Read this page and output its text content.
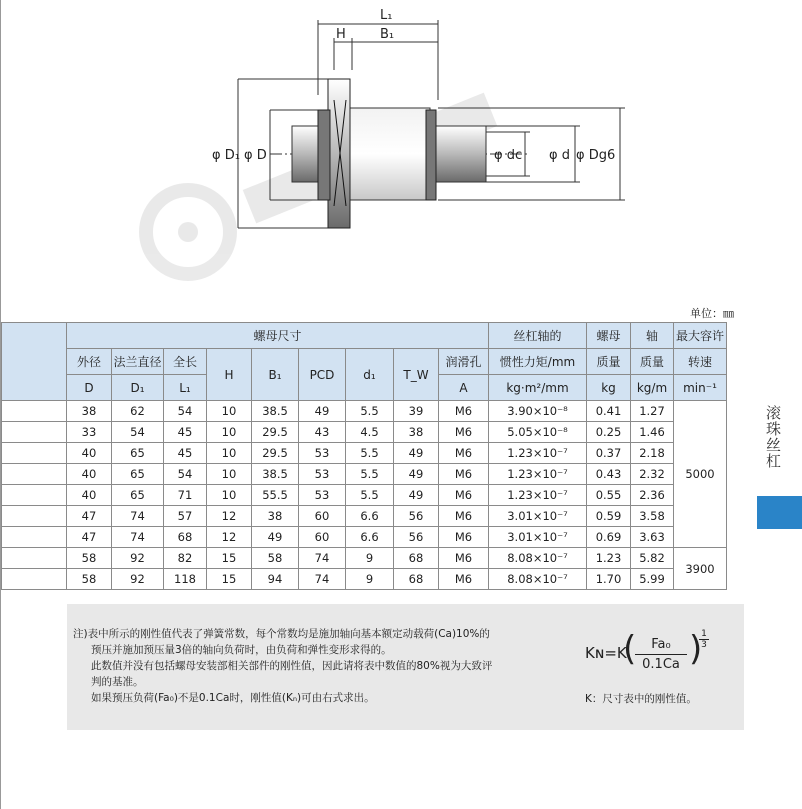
L₁
H	B₁
φ D₁ φ D	φ dc φ d φ Dg6
单位：㎜
	螺母尺寸									丝杠轴的	螺母	轴	最大容许
	外径	法兰直径	全长	H	B₁	PCD	d₁	T_W	润滑孔	惯性力矩/mm	质量	质量	转速
	D	D₁	L₁						A	kg·m²/mm	kg	kg/m	min⁻¹
	38	62	54	10	38.5	49	5.5	39	M6	3.90×10⁻⁸	0.41	1.27	5000
	33	54	45	10	29.5	43	4.5	38	M6	5.05×10⁻⁸	0.25	1.46	
	40	65	45	10	29.5	53	5.5	49	M6	1.23×10⁻⁷	0.37	2.18	
	40	65	54	10	38.5	53	5.5	49	M6	1.23×10⁻⁷	0.43	2.32	
	40	65	71	10	55.5	53	5.5	49	M6	1.23×10⁻⁷	0.55	2.36	
	47	74	57	12	38	60	6.6	56	M6	3.01×10⁻⁷	0.59	3.58	
	47	74	68	12	49	60	6.6	56	M6	3.01×10⁻⁷	0.69	3.63	
	58	92	82	15	58	74	9	68	M6	8.08×10⁻⁷	1.23	5.82	3900
	58	92	118	15	94	74	9	68	M6	8.08×10⁻⁷	1.70	5.99	
滚珠丝杠

注)表中所示的刚性值代表了弹簧常数，每个常数均是施加轴向基本额定动载荷(Ca)10%的

预压并施加预压量3倍的轴向负荷时，由负荷和弹性变形求得的。

此数值并没有包括螺母安装部相关部件的刚性值，因此请将表中数值的80%视为大致评

判的基准。

如果预压负荷(Fa₀)不是0.1Ca时，刚性值(Kₙ)可由右式求出。

Kɴ=K
(
$\frac{\text{Fa₀}}{0.1Ca}$ )
$\frac{1}{3}$
K：尺寸表中的刚性值。
